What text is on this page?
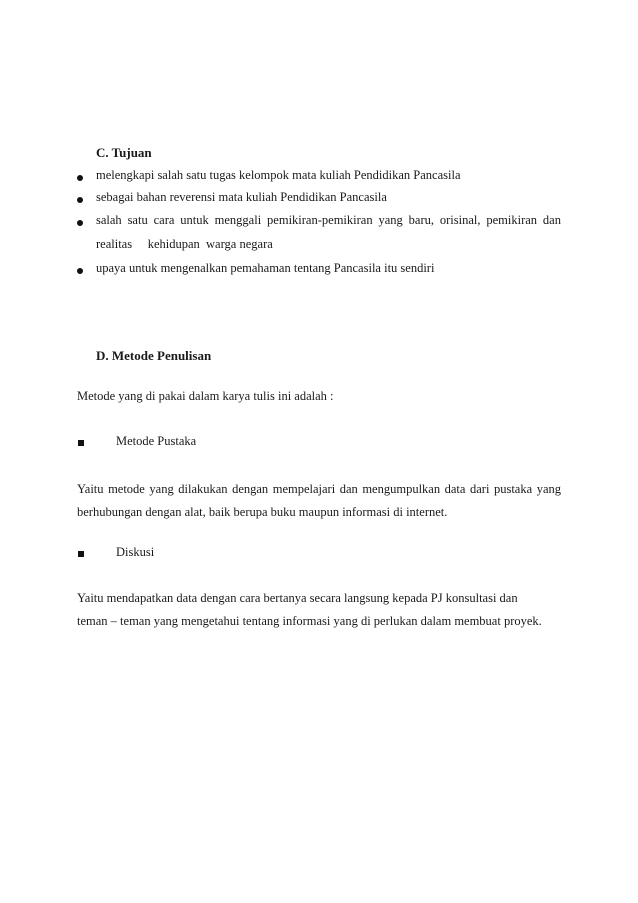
C. Tujuan
melengkapi salah satu tugas kelompok mata kuliah Pendidikan Pancasila
sebagai bahan reverensi mata kuliah Pendidikan Pancasila
salah satu cara untuk menggali pemikiran-pemikiran yang baru, orisinal, pemikiran dan
realitas     kehidupan  warga negara
upaya untuk mengenalkan pemahaman tentang Pancasila itu sendiri
D. Metode Penulisan
Metode yang di pakai dalam karya tulis ini adalah :
Metode Pustaka
Yaitu metode yang dilakukan dengan mempelajari dan mengumpulkan data dari pustaka yang
berhubungan dengan alat, baik berupa buku maupun informasi di internet.
Diskusi
Yaitu mendapatkan data dengan cara bertanya secara langsung kepada PJ konsultasi dan
teman – teman yang mengetahui tentang informasi yang di perlukan dalam membuat proyek.
